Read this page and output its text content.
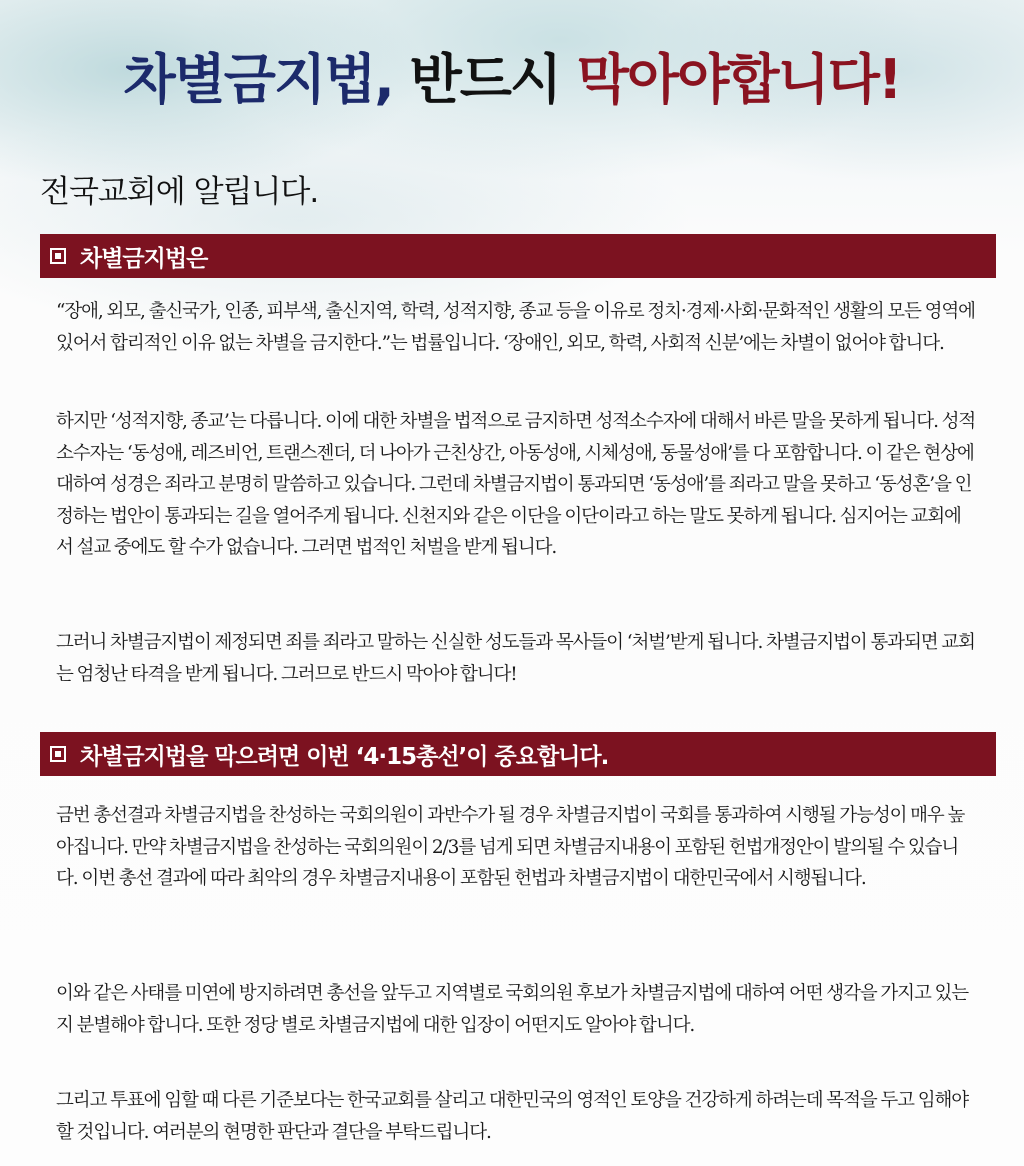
차별금지법, 반드시 막아야합니다!
전국교회에 알립니다.
차별금지법은

“장애, 외모, 출신국가, 인종, 피부색, 출신지역, 학력, 성적지향, 종교 등을 이유로 정치·경제·사회·문화적인 생활의 모든 영역에 있어서 합리적인 이유 없는 차별을 금지한다.”는 법률입니다. ‘장애인, 외모, 학력, 사회적 신분’에는 차별이 없어야 합니다.

하지만 ‘성적지향, 종교’는 다릅니다. 이에 대한 차별을 법적으로 금지하면 성적소수자에 대해서 바른 말을 못하게 됩니다. 성적소수자는 ‘동성애, 레즈비언, 트랜스젠더, 더 나아가 근친상간, 아동성애, 시체성애, 동물성애’를 다 포함합니다. 이 같은 현상에 대하여 성경은 죄라고 분명히 말씀하고 있습니다. 그런데 차별금지법이 통과되면 ‘동성애’를 죄라고 말을 못하고 ‘동성혼’을 인정하는 법안이 통과되는 길을 열어주게 됩니다. 신천지와 같은 이단을 이단이라고 하는 말도 못하게 됩니다. 심지어는 교회에서 설교 중에도 할 수가 없습니다. 그러면 법적인 처벌을 받게 됩니다.

그러니 차별금지법이 제정되면 죄를 죄라고 말하는 신실한 성도들과 목사들이 ‘처벌’받게 됩니다. 차별금지법이 통과되면 교회는 엄청난 타격을 받게 됩니다. 그러므로 반드시 막아야 합니다!

차별금지법을 막으려면 이번 ‘4·15총선’이 중요합니다.

금번 총선결과 차별금지법을 찬성하는 국회의원이 과반수가 될 경우 차별금지법이 국회를 통과하여 시행될 가능성이 매우 높아집니다. 만약 차별금지법을 찬성하는 국회의원이 2/3를 넘게 되면 차별금지내용이 포함된 헌법개정안이 발의될 수 있습니다. 이번 총선 결과에 따라 최악의 경우 차별금지내용이 포함된 헌법과 차별금지법이 대한민국에서 시행됩니다.

이와 같은 사태를 미연에 방지하려면 총선을 앞두고 지역별로 국회의원 후보가 차별금지법에 대하여 어떤 생각을 가지고 있는 지 분별해야 합니다. 또한 정당 별로 차별금지법에 대한 입장이 어떤지도 알아야 합니다.

그리고 투표에 임할 때 다른 기준보다는 한국교회를 살리고 대한민국의 영적인 토양을 건강하게 하려는데 목적을 두고 임해야 할 것입니다. 여러분의 현명한 판단과 결단을 부탁드립니다.
